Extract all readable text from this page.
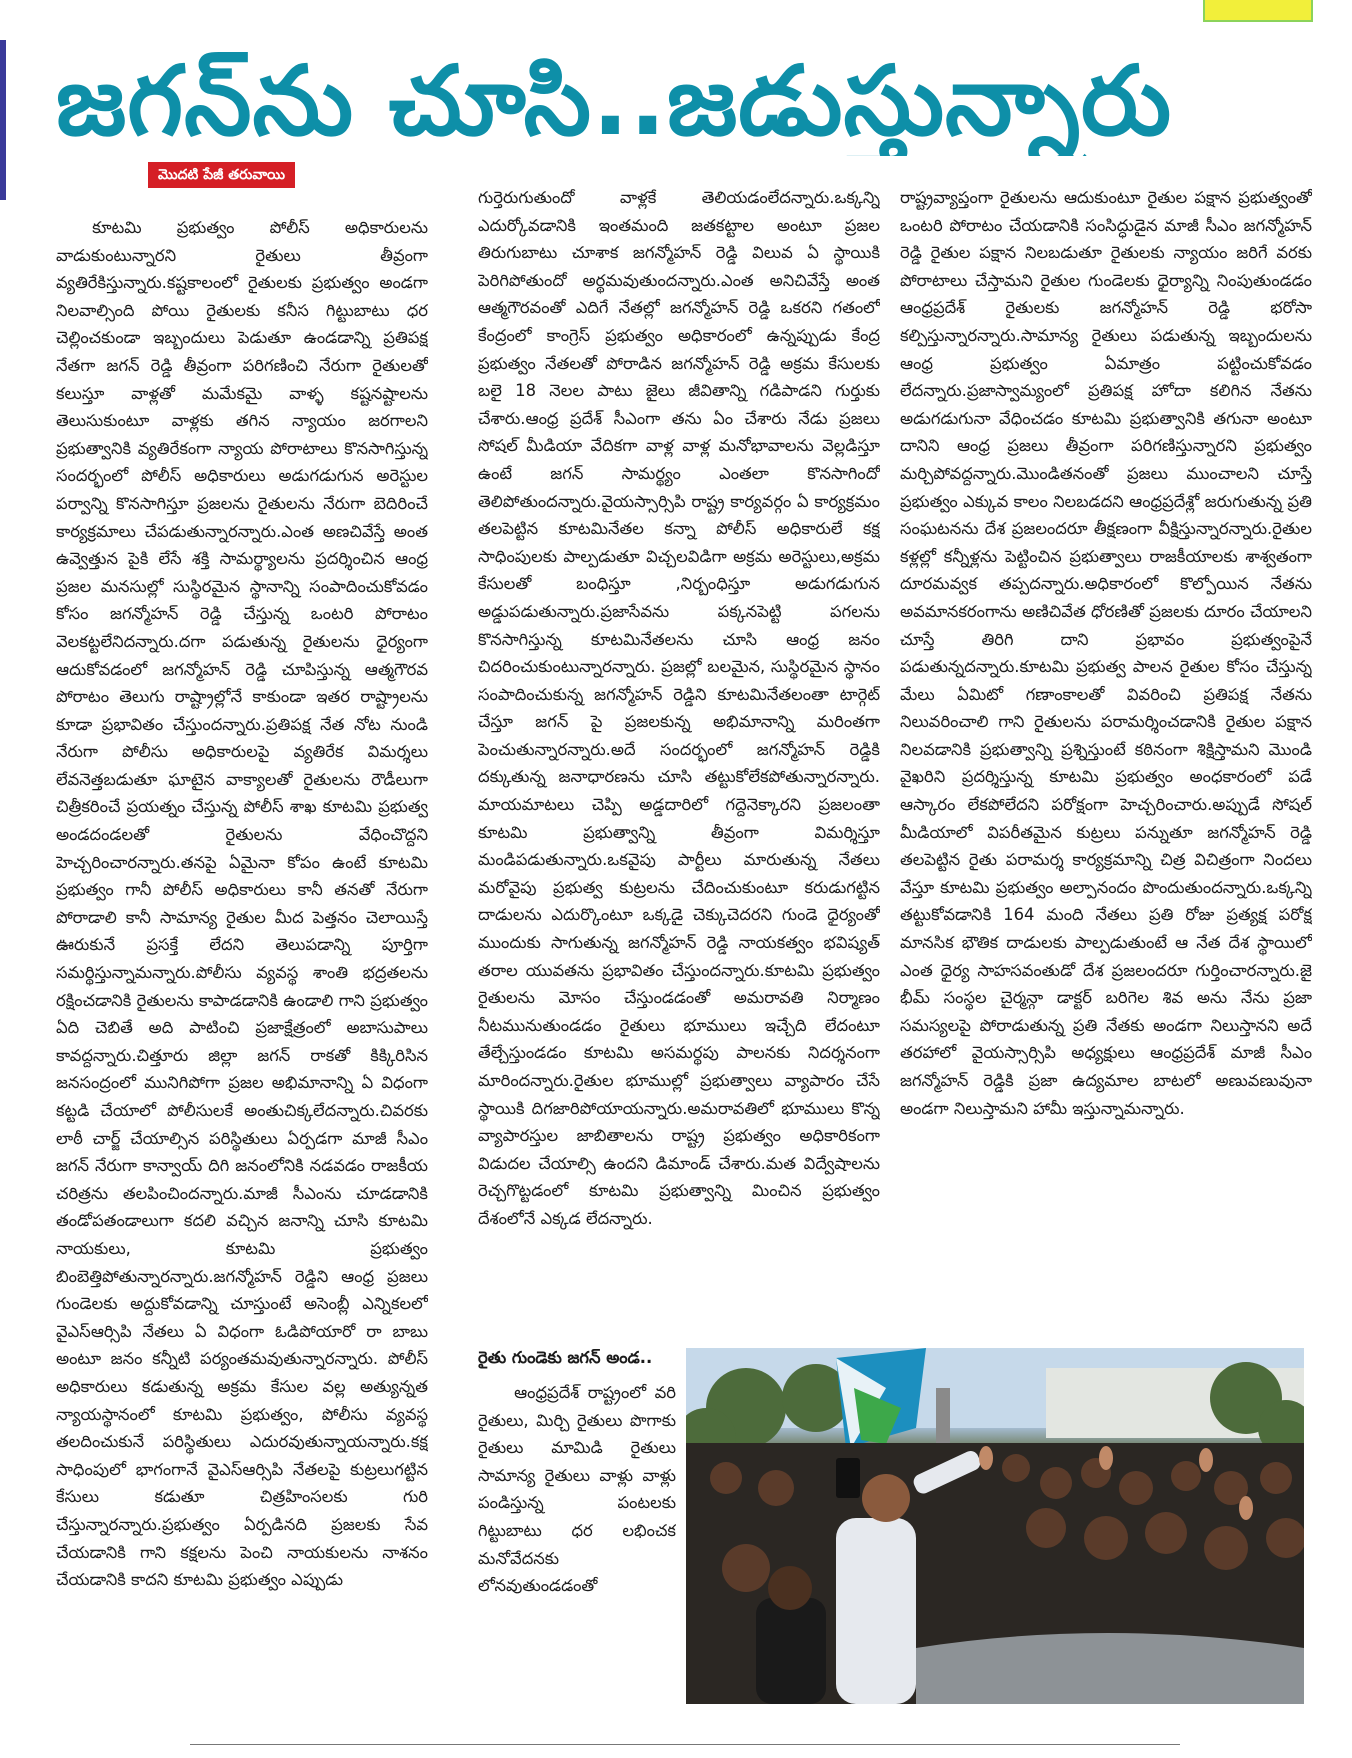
జగన్‌ను చూసి..జడుస్తున్నారు
మొదటి పేజీ తరువాయి

కూటమి ప్రభుత్వం పోలీస్ అధికారులను వాడుకుంటున్నారని రైతులు తీవ్రంగా వ్యతిరేకిస్తున్నారు.కష్టకాలంలో రైతులకు ప్రభుత్వం అండగా నిలవాల్సింది పోయి రైతులకు కనీస గిట్టుబాటు ధర చెల్లించకుండా ఇబ్బందులు పెడుతూ ఉండడాన్ని ప్రతిపక్ష నేతగా జగన్ రెడ్డి తీవ్రంగా పరిగణించి నేరుగా రైతులతో కలుస్తూ వాళ్లతో మమేకమై వాళ్ళ కష్టనష్టాలను తెలుసుకుంటూ వాళ్లకు తగిన న్యాయం జరగాలని ప్రభుత్వానికి వ్యతిరేకంగా న్యాయ పోరాటాలు కొనసాగిస్తున్న సందర్భంలో పోలీస్ అధికారులు అడుగడుగున అరెస్టుల పర్వాన్ని కొనసాగిస్తూ ప్రజలను రైతులను నేరుగా బెదిరించే కార్యక్రమాలు చేపడుతున్నారన్నారు.ఎంత అణచివేస్తే అంత ఉవ్వెత్తున పైకి లేసే శక్తి సామర్థ్యాలను ప్రదర్శించిన ఆంధ్ర ప్రజల మనసుల్లో సుస్థిరమైన స్థానాన్ని సంపాదించుకోవడం కోసం జగన్మోహన్ రెడ్డి చేస్తున్న ఒంటరి పోరాటం వెలకట్టలేనిదన్నారు.దగా పడుతున్న రైతులను ధైర్యంగా ఆదుకోవడంలో జగన్మోహన్ రెడ్డి చూపిస్తున్న ఆత్మగౌరవ పోరాటం తెలుగు రాష్ట్రాల్లోనే కాకుండా ఇతర రాష్ట్రాలను కూడా ప్రభావితం చేస్తుందన్నారు.ప్రతిపక్ష నేత నోట నుండి నేరుగా పోలీసు అధికారులపై వ్యతిరేక విమర్శలు లేవనెత్తబడుతూ ఘాటైన వాక్యాలతో రైతులను రౌడీలుగా చిత్రీకరించే ప్రయత్నం చేస్తున్న పోలీస్ శాఖ కూటమి ప్రభుత్వ అండదండలతో రైతులను వేధించొద్దని హెచ్చరించారన్నారు.తనపై ఏమైనా కోపం ఉంటే కూటమి ప్రభుత్వం గానీ పోలీస్ అధికారులు కానీ తనతో నేరుగా పోరాడాలి కానీ సామాన్య రైతుల మీద పెత్తనం చెలాయిస్తే ఊరుకునే ప్రసక్తే లేదని తెలుపడాన్ని పూర్తిగా సమర్థిస్తున్నామన్నారు.పోలీసు వ్యవస్థ శాంతి భద్రతలను రక్షించడానికి రైతులను కాపాడడానికి ఉండాలి గాని ప్రభుత్వం ఏది చెబితే అది పాటించి ప్రజాక్షేత్రంలో అబాసుపాలు కావద్దన్నారు.చిత్తూరు జిల్లా జగన్ రాకతో కిక్కిరిసిన జనసంద్రంలో మునిగిపోగా ప్రజల అభిమానాన్ని ఏ విధంగా కట్టడి చేయాలో పోలీసులకే అంతుచిక్కలేదన్నారు.చివరకు లాఠీ చార్జ్ చేయాల్సిన పరిస్థితులు ఏర్పడగా మాజీ సీఎం జగన్ నేరుగా కాన్వాయ్ దిగి జనంలోనికి నడవడం రాజకీయ చరిత్రను తలపించిందన్నారు.మాజీ సీఎంను చూడడానికి తండోపతండాలుగా కదలి వచ్చిన జనాన్ని చూసి కూటమి నాయకులు, కూటమి ప్రభుత్వం బింబెత్తిపోతున్నారన్నారు.జగన్మోహన్ రెడ్డిని ఆంధ్ర ప్రజలు గుండెలకు అద్దుకోవడాన్ని చూస్తుంటే అసెంబ్లీ ఎన్నికలలో వైఎస్ఆర్సిపి నేతలు ఏ విధంగా ఓడిపోయారో రా బాబు అంటూ జనం కన్నీటి పర్యంతమవుతున్నారన్నారు. పోలీస్ అధికారులు కడుతున్న అక్రమ కేసుల వల్ల అత్యున్నత న్యాయస్థానంలో కూటమి ప్రభుత్వం, పోలీసు వ్యవస్థ తలదించుకునే పరిస్థితులు ఎదురవుతున్నాయన్నారు.కక్ష సాధింపులో భాగంగానే వైఎస్ఆర్సిపి నేతలపై కుట్రలుగట్టిన కేసులు కడుతూ చిత్రహింసలకు గురి చేస్తున్నారన్నారు.ప్రభుత్వం ఏర్పడినది ప్రజలకు సేవ చేయడానికి గాని కక్షలను పెంచి నాయకులను నాశనం చేయడానికి కాదని కూటమి ప్రభుత్వం ఎప్పుడు

గుర్తెరుగుతుందో వాళ్లకే తెలియడంలేదన్నారు.ఒక్కన్ని ఎదుర్కోవడానికి ఇంతమంది జతకట్టాల అంటూ ప్రజల తిరుగుబాటు చూశాక జగన్మోహన్ రెడ్డి విలువ ఏ స్థాయికి పెరిగిపోతుందో అర్థమవుతుందన్నారు.ఎంత అనిచివేస్తే అంత ఆత్మగౌరవంతో ఎదిగే నేతల్లో జగన్మోహన్ రెడ్డి ఒకరని గతంలో కేంద్రంలో కాంగ్రెస్ ప్రభుత్వం అధికారంలో ఉన్నప్పుడు కేంద్ర ప్రభుత్వం నేతలతో పోరాడిన జగన్మోహన్ రెడ్డి అక్రమ కేసులకు బలై 18 నెలల పాటు జైలు జీవితాన్ని గడిపాడని గుర్తుకు చేశారు.ఆంధ్ర ప్రదేశ్ సీఎంగా తను ఏం చేశారు నేడు ప్రజలు సోషల్ మీడియా వేదికగా వాళ్ల వాళ్ల మనోభావాలను వెల్లడిస్తూ ఉంటే జగన్ సామర్థ్యం ఎంతలా కొనసాగిందో తెలిపోతుందన్నారు.వైయస్సార్సిపి రాష్ట్ర కార్యవర్గం ఏ కార్యక్రమం తలపెట్టిన కూటమినేతల కన్నా పోలీస్ అధికారులే కక్ష సాధింపులకు పాల్పడుతూ విచ్చలవిడిగా అక్రమ అరెస్టులు,అక్రమ కేసులతో బంధిస్తూ ,నిర్బంధిస్తూ అడుగడుగున అడ్డుపడుతున్నారు.ప్రజాసేవను పక్కనపెట్టి పగలను కొనసాగిస్తున్న కూటమినేతలను చూసి ఆంధ్ర జనం చిదరించుకుంటున్నారన్నారు. ప్రజల్లో బలమైన, సుస్థిరమైన స్థానం సంపాదించుకున్న జగన్మోహన్ రెడ్డిని కూటమినేతలంతా టార్గెట్ చేస్తూ జగన్ పై ప్రజలకున్న అభిమానాన్ని మరింతగా పెంచుతున్నారన్నారు.అదే సందర్భంలో జగన్మోహన్ రెడ్డికి దక్కుతున్న జనాధారణను చూసి తట్టుకోలేకపోతున్నారన్నారు. మాయమాటలు చెప్పి అడ్డదారిలో గద్దెనెక్కారని ప్రజలంతా కూటమి ప్రభుత్వాన్ని తీవ్రంగా విమర్శిస్తూ మండిపడుతున్నారు.ఒకవైపు పార్టీలు మారుతున్న నేతలు మరోవైపు ప్రభుత్వ కుట్రలను చేదించుకుంటూ కరుడుగట్టిన దాడులను ఎదుర్కొంటూ ఒక్కడై చెక్కుచెదరని గుండె ధైర్యంతో ముందుకు సాగుతున్న జగన్మోహన్ రెడ్డి నాయకత్వం భవిష్యత్ తరాల యువతను ప్రభావితం చేస్తుందన్నారు.కూటమి ప్రభుత్వం రైతులను మోసం చేస్తుండడంతో అమరావతి నిర్మాణం నీటమునుతుండడం రైతులు భూములు ఇచ్చేది లేదంటూ తేల్చేస్తుండడం కూటమి అసమర్థపు పాలనకు నిదర్శనంగా మారిందన్నారు.రైతుల భూముల్లో ప్రభుత్వాలు వ్యాపారం చేసే స్థాయికి దిగజారిపోయాయన్నారు.అమరావతిలో భూములు కొన్న వ్యాపారస్తుల జాబితాలను రాష్ట్ర ప్రభుత్వం అధికారికంగా విడుదల చేయాల్సి ఉందని డిమాండ్ చేశారు.మత విద్వేషాలను రెచ్చగొట్టడంలో కూటమి ప్రభుత్వాన్ని మించిన ప్రభుత్వం దేశంలోనే ఎక్కడ లేదన్నారు.
రైతు గుండెకు జగన్ అండ..

ఆంధ్రప్రదేశ్ రాష్ట్రంలో వరి రైతులు, మిర్చి రైతులు పొగాకు రైతులు మామిడి రైతులు సామాన్య రైతులు వాళ్లు వాళ్లు పండిస్తున్న పంటలకు గిట్టుబాటు ధర లభించక మనోవేదనకు లోనవుతుండడంతో

రాష్ట్రవ్యాప్తంగా రైతులను ఆదుకుంటూ రైతుల పక్షాన ప్రభుత్వంతో ఒంటరి పోరాటం చేయడానికి సంసిద్ధుడైన మాజీ సీఎం జగన్మోహన్ రెడ్డి రైతుల పక్షాన నిలబడుతూ రైతులకు న్యాయం జరిగే వరకు పోరాటాలు చేస్తామని రైతుల గుండెలకు ధైర్యాన్ని నింపుతుండడం ఆంధ్రప్రదేశ్ రైతులకు జగన్మోహన్ రెడ్డి భరోసా కల్పిస్తున్నారన్నారు.సామాన్య రైతులు పడుతున్న ఇబ్బందులను ఆంధ్ర ప్రభుత్వం ఏమాత్రం పట్టించుకోవడం లేదన్నారు.ప్రజాస్వామ్యంలో ప్రతిపక్ష హోదా కలిగిన నేతను అడుగడుగునా వేధించడం కూటమి ప్రభుత్వానికి తగునా అంటూ దానిని ఆంధ్ర ప్రజలు తీవ్రంగా పరిగణిస్తున్నారని ప్రభుత్వం మర్చిపోవద్దన్నారు.మొండితనంతో ప్రజలు ముంచాలని చూస్తే ప్రభుత్వం ఎక్కువ కాలం నిలబడదని ఆంధ్రప్రదేశ్లో జరుగుతున్న ప్రతి సంఘటనను దేశ ప్రజలందరూ తీక్షణంగా వీక్షిస్తున్నారన్నారు.రైతుల కళ్లల్లో కన్నీళ్లను పెట్టించిన ప్రభుత్వాలు రాజకీయాలకు శాశ్వతంగా దూరమవ్వక తప్పదన్నారు.అధికారంలో కొల్పోయిన నేతను అవమానకరంగాను అణిచివేత ధోరణితో ప్రజలకు దూరం చేయాలని చూస్తే తిరిగి దాని ప్రభావం ప్రభుత్వంపైనే పడుతున్నదన్నారు.కూటమి ప్రభుత్వ పాలన రైతుల కోసం చేస్తున్న మేలు ఏమిటో గణాంకాలతో వివరించి ప్రతిపక్ష నేతను నిలువరించాలి గాని రైతులను పరామర్శించడానికి రైతుల పక్షాన నిలవడానికి ప్రభుత్వాన్ని ప్రశ్నిస్తుంటే కఠినంగా శిక్షిస్తామని మొండి వైఖరిని ప్రదర్శిస్తున్న కూటమి ప్రభుత్వం అంధకారంలో పడే ఆస్కారం లేకపోలేదని పరోక్షంగా హెచ్చరించారు.అప్పుడే సోషల్ మీడియాలో విపరీతమైన కుట్రలు పన్నుతూ జగన్మోహన్ రెడ్డి తలపెట్టిన రైతు పరామర్శ కార్యక్రమాన్ని చిత్ర విచిత్రంగా నిందలు వేస్తూ కూటమి ప్రభుత్వం అల్పానందం పొందుతుందన్నారు.ఒక్కన్ని తట్టుకోవడానికి 164 మంది నేతలు ప్రతి రోజు ప్రత్యక్ష పరోక్ష మానసిక భౌతిక దాడులకు పాల్పడుతుంటే ఆ నేత దేశ స్థాయిలో ఎంత ధైర్య సాహసవంతుడో దేశ ప్రజలందరూ గుర్తించారన్నారు.జై భీమ్ సంస్థల చైర్మన్గా డాక్టర్ బరిగెల శివ అను నేను ప్రజా సమస్యలపై పోరాడుతున్న ప్రతి నేతకు అండగా నిలుస్తానని అదే తరహాలో వైయస్సార్సిపి అధ్యక్షులు ఆంధ్రప్రదేశ్ మాజీ సీఎం జగన్మోహన్ రెడ్డికి ప్రజా ఉద్యమాల బాటలో అణువణువునా అండగా నిలుస్తామని హామీ ఇస్తున్నామన్నారు.
